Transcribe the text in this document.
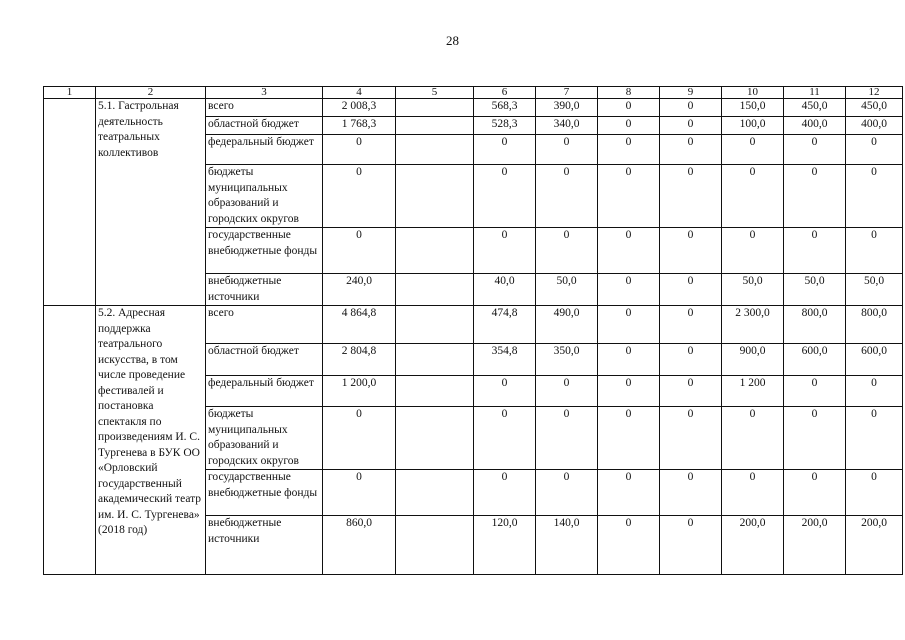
28
1	2	3	4	5	6	7	8	9	10	11	12
	5.1. Гастрольная деятельность театральных коллективов	всего	2 008,3		568,3	390,0	0	0	150,0	450,0	450,0
		областной бюджет	1 768,3		528,3	340,0	0	0	100,0	400,0	400,0
		федеральный бюджет	0		0	0	0	0	0	0	0
		бюджеты муниципальных образований и городских округов	0		0	0	0	0	0	0	0
		государственные внебюджетные фонды	0		0	0	0	0	0	0	0
		внебюджетные источники	240,0		40,0	50,0	0	0	50,0	50,0	50,0
	5.2. Адресная поддержка театрального искусства, в том числе проведение фестивалей и постановка спектакля по произведениям И. С. Тургенева в БУК ОО «Орловский государственный академический театр им. И. С. Тургенева» (2018 год)	всего	4 864,8		474,8	490,0	0	0	2 300,0	800,0	800,0
		областной бюджет	2 804,8		354,8	350,0	0	0	900,0	600,0	600,0
		федеральный бюджет	1 200,0		0	0	0	0	1 200	0	0
		бюджеты муниципальных образований и городских округов	0		0	0	0	0	0	0	0
		государственные внебюджетные фонды	0		0	0	0	0	0	0	0
		внебюджетные источники	860,0		120,0	140,0	0	0	200,0	200,0	200,0
